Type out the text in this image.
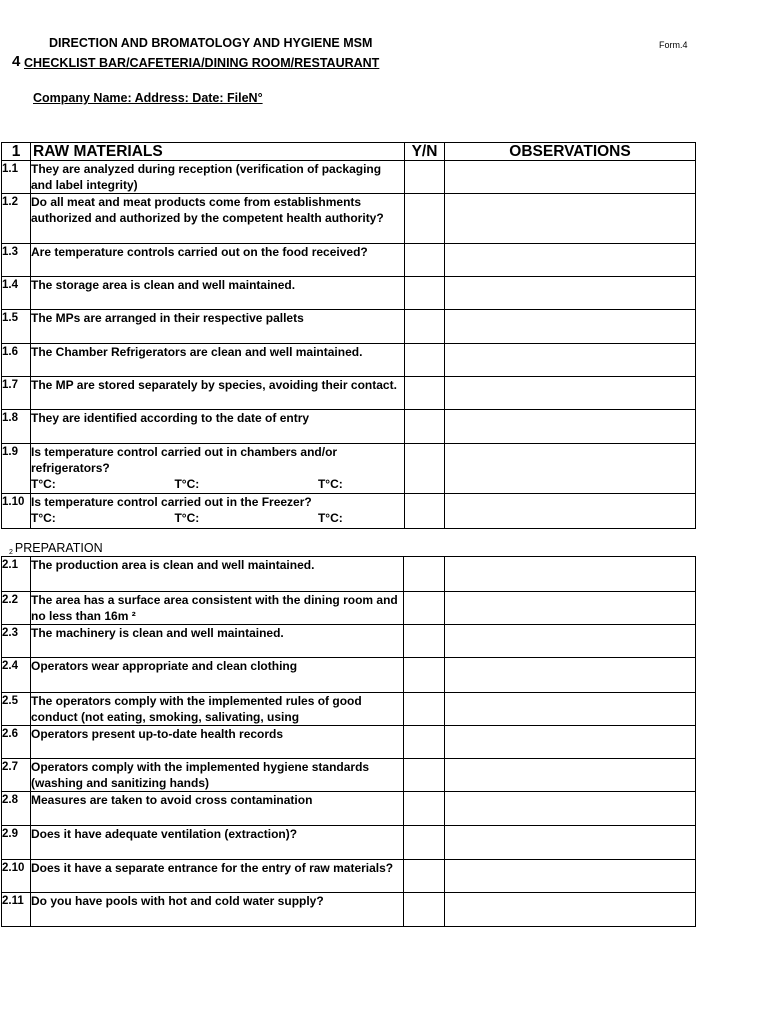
DIRECTION AND BROMATOLOGY AND HYGIENE MSM	Form.4
4 CHECKLIST BAR/CAFETERIA/DINING ROOM/RESTAURANT
Company Name: Address: Date: FileN°
1	RAW MATERIALS	Y/N	OBSERVATIONS
1.1	They are analyzed during reception (verification of packaging and label integrity)		

1.2	Do all meat and meat products come from establishments authorized and authorized by the competent health authority?		

1.3	Are temperature controls carried out on the food received?		

1.4	The storage area is clean and well maintained.		

1.5	The MPs are arranged in their respective pallets		

1.6	The Chamber Refrigerators are clean and well maintained.		

1.7	The MP are stored separately by species, avoiding their contact.		

1.8	They are identified according to the date of entry		

1.9	Is temperature control carried out in chambers and/or refrigerators?
T°C: T°C: T°C:		

1.10	Is temperature control carried out in the Freezer?
T°C: T°C: T°C:		

2 PREPARATION
2.1	The production area is clean and well maintained.		

2.2	The area has a surface area consistent with the dining room and no less than 16m ²		

2.3	The machinery is clean and well maintained.		

2.4	Operators wear appropriate and clean clothing		

2.5	The operators comply with the implemented rules of good conduct (not eating, smoking, salivating, using		

2.6	Operators present up-to-date health records		

2.7	Operators comply with the implemented hygiene standards (washing and sanitizing hands)		

2.8	Measures are taken to avoid cross contamination		

2.9	Does it have adequate ventilation (extraction)?		

2.10	Does it have a separate entrance for the entry of raw materials?		

2.11	Do you have pools with hot and cold water supply?		
